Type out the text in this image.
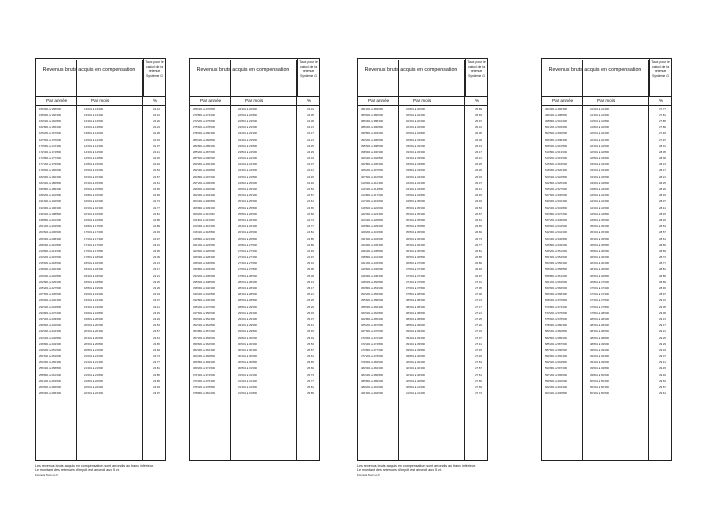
Revenus bruts acquis en compensation
Taux pour le calcul de la retenue Système G
Par année	Par mois	%
156'001 à 158'000	13'001 à 13'200	22.12
158'001 à 160'400	13'201 à 13'400	22.16
160'401 à 162'800	13'401 à 13'600	22.20
162'801 à 165'200	13'601 à 13'800	22.24
165'201 à 167'600	13'801 à 14'000	22.28
167'601 à 170'000	14'001 à 14'200	22.33
170'001 à 172'400	14'201 à 14'400	22.37
172'401 à 174'800	14'401 à 14'600	22.41
174'801 à 177'200	14'601 à 14'800	22.45
177'201 à 179'600	14'801 à 15'000	22.49
179'601 à 182'000	15'001 à 15'200	22.53
182'001 à 184'400	15'201 à 15'400	22.57
184'401 à 186'800	15'401 à 15'600	22.61
186'801 à 189'200	15'601 à 15'800	22.65
189'201 à 191'600	15'801 à 16'000	22.69
191'601 à 194'000	16'001 à 16'200	22.73
194'001 à 196'400	16'201 à 16'400	22.77
196'401 à 198'800	16'401 à 16'600	22.81
198'801 à 201'200	16'601 à 16'800	22.85
201'201 à 203'600	16'801 à 17'000	22.89
203'601 à 206'000	17'001 à 17'200	22.93
206'001 à 208'400	17'201 à 17'400	22.97
208'401 à 210'800	17'401 à 17'600	23.01
210'801 à 213'200	17'601 à 17'800	23.05
213'201 à 215'600	17'801 à 18'000	23.09
215'601 à 218'000	18'001 à 18'200	23.13
218'001 à 220'400	18'201 à 18'400	23.17
220'401 à 222'800	18'401 à 18'600	23.21
222'801 à 225'200	18'601 à 18'800	23.25
225'201 à 227'600	18'801 à 19'000	23.29
227'601 à 230'000	19'001 à 19'200	23.33
230'001 à 232'400	19'201 à 19'400	23.37
232'401 à 234'800	19'401 à 19'600	23.41
234'801 à 237'200	19'601 à 19'800	23.45
237'201 à 239'600	19'801 à 20'000	23.49
239'601 à 242'000	20'001 à 20'200	23.53
242'001 à 244'400	20'201 à 20'400	23.57
244'401 à 246'800	20'401 à 20'600	23.61
246'801 à 249'200	20'601 à 20'800	23.65
249'201 à 251'600	20'801 à 21'000	23.69
251'601 à 254'000	21'001 à 21'200	23.73
254'001 à 256'400	21'201 à 21'400	23.77
256'401 à 258'800	21'401 à 21'600	23.81
258'801 à 261'200	21'601 à 21'800	23.85
261'201 à 263'600	21'801 à 22'000	23.89
263'601 à 266'000	22'001 à 22'200	23.93
266'001 à 268'400	22'201 à 22'400	23.97
Revenus bruts acquis en compensation
Taux pour le calcul de la retenue Système G
Par année	Par mois	%
268'401 à 270'800	22'401 à 22'600	24.01
270'801 à 273'200	22'601 à 22'800	24.05
273'201 à 275'600	22'801 à 23'000	24.09
275'601 à 278'000	23'001 à 23'200	24.13
278'001 à 280'400	23'201 à 23'400	24.17
280'401 à 282'800	23'401 à 23'600	24.21
282'801 à 285'200	23'601 à 23'800	24.25
285'201 à 287'600	23'801 à 24'000	24.29
287'601 à 290'000	24'001 à 24'200	24.33
290'001 à 292'400	24'201 à 24'400	24.37
292'401 à 294'800	24'401 à 24'600	24.41
294'801 à 297'200	24'601 à 24'800	24.45
297'201 à 299'600	24'801 à 25'000	24.49
299'601 à 302'000	25'001 à 25'200	24.53
302'001 à 304'400	25'201 à 25'400	24.57
304'401 à 306'800	25'401 à 25'600	24.61
306'801 à 309'200	25'601 à 25'800	24.65
309'201 à 311'600	25'801 à 26'000	24.69
311'601 à 314'000	26'001 à 26'200	24.73
314'001 à 316'400	26'201 à 26'400	24.77
316'401 à 318'800	26'401 à 26'600	24.81
318'801 à 321'200	26'601 à 26'800	24.85
321'201 à 323'600	26'801 à 27'000	24.89
323'601 à 326'000	27'001 à 27'200	24.93
326'001 à 328'400	27'201 à 27'400	24.97
328'401 à 330'800	27'401 à 27'600	25.01
330'801 à 333'200	27'601 à 27'800	25.05
333'201 à 335'600	27'801 à 28'000	25.09
335'601 à 338'000	28'001 à 28'200	25.13
338'001 à 340'400	28'201 à 28'400	25.17
340'401 à 342'800	28'401 à 28'600	25.21
342'801 à 345'200	28'601 à 28'800	25.25
345'201 à 347'600	28'801 à 29'000	25.29
347'601 à 350'000	29'001 à 29'200	25.33
350'001 à 352'400	29'201 à 29'400	25.37
352'401 à 354'800	29'401 à 29'600	25.41
354'801 à 357'200	29'601 à 29'800	25.45
357'201 à 359'600	29'801 à 30'000	25.49
359'601 à 362'000	30'001 à 30'200	25.53
362'001 à 364'400	30'201 à 30'400	25.57
364'401 à 366'800	30'401 à 30'600	25.61
366'801 à 369'200	30'601 à 30'800	25.65
369'201 à 371'600	30'801 à 31'000	25.69
371'601 à 374'000	31'001 à 31'200	25.73
374'001 à 376'400	31'201 à 31'400	25.77
376'401 à 378'800	31'401 à 31'600	25.81
378'801 à 381'200	31'601 à 31'800	25.85
Revenus bruts acquis en compensation
Taux pour le calcul de la retenue Système G
Par année	Par mois	%
381'201 à 383'600	31'801 à 32'000	25.89
383'601 à 386'000	32'001 à 32'200	25.93
386'001 à 388'400	32'201 à 32'400	25.97
388'401 à 390'800	32'401 à 32'600	26.01
390'801 à 393'200	32'601 à 32'800	26.05
393'201 à 395'600	32'801 à 33'000	26.09
395'601 à 398'000	33'001 à 33'200	26.13
398'001 à 400'400	33'201 à 33'400	26.17
400'401 à 402'800	33'401 à 33'600	26.21
402'801 à 405'200	33'601 à 33'800	26.25
405'201 à 407'600	33'801 à 34'000	26.29
407'601 à 410'000	34'001 à 34'200	26.33
410'001 à 412'400	34'201 à 34'400	26.37
412'401 à 414'800	34'401 à 34'600	26.41
414'801 à 417'200	34'601 à 34'800	26.45
417'201 à 419'600	34'801 à 35'000	26.49
419'601 à 422'000	35'001 à 35'200	26.53
422'001 à 424'400	35'201 à 35'400	26.57
424'401 à 426'800	35'401 à 35'600	26.61
426'801 à 429'200	35'601 à 35'800	26.65
429'201 à 431'600	35'801 à 36'000	26.69
431'601 à 434'000	36'001 à 36'200	26.73
434'001 à 436'400	36'201 à 36'400	26.77
436'401 à 438'800	36'401 à 36'600	26.81
438'801 à 441'200	36'601 à 36'800	26.85
441'201 à 443'600	36'801 à 37'000	26.89
443'601 à 446'000	37'001 à 37'200	26.93
446'001 à 448'400	37'201 à 37'400	26.97
448'401 à 450'800	37'401 à 37'600	27.01
450'801 à 453'200	37'601 à 37'800	27.05
453'201 à 455'600	37'801 à 38'000	27.09
455'601 à 458'000	38'001 à 38'200	27.13
458'001 à 460'400	38'201 à 38'400	27.17
460'401 à 462'800	38'401 à 38'600	27.21
462'801 à 465'200	38'601 à 38'800	27.25
465'201 à 467'600	38'801 à 39'000	27.29
467'601 à 470'000	39'001 à 39'200	27.33
470'001 à 472'400	39'201 à 39'400	27.37
472'401 à 474'800	39'401 à 39'600	27.41
474'801 à 477'200	39'601 à 39'800	27.45
477'201 à 479'600	39'801 à 40'000	27.49
479'601 à 482'000	40'001 à 40'200	27.53
482'001 à 484'400	40'201 à 40'400	27.57
484'401 à 486'800	40'401 à 40'600	27.61
486'801 à 489'200	40'601 à 40'800	27.65
489'201 à 491'600	40'801 à 41'000	27.69
491'601 à 494'000	41'001 à 41'200	27.73
Revenus bruts acquis en compensation
Taux pour le calcul de la retenue Système G
Par année	Par mois	%
494'001 à 496'400	41'201 à 41'400	27.77
496'401 à 498'800	41'401 à 41'600	27.81
498'801 à 501'200	41'601 à 41'800	27.85
501'201 à 503'600	41'801 à 42'000	27.89
503'601 à 506'000	42'001 à 42'200	27.93
506'001 à 508'400	42'201 à 42'400	27.97
508'401 à 510'800	42'401 à 42'600	28.01
510'801 à 513'200	42'601 à 42'800	28.05
513'201 à 515'600	42'801 à 43'000	28.09
515'601 à 518'000	43'001 à 43'200	28.13
518'001 à 520'400	43'201 à 43'400	28.17
520'401 à 522'800	43'401 à 43'600	28.21
522'801 à 525'200	43'601 à 43'800	28.25
525'201 à 527'600	43'801 à 44'000	28.29
527'601 à 530'000	44'001 à 44'200	28.33
530'001 à 532'400	44'201 à 44'400	28.37
532'401 à 534'800	44'401 à 44'600	28.41
534'801 à 537'200	44'601 à 44'800	28.45
537'201 à 539'600	44'801 à 45'000	28.49
539'601 à 542'000	45'001 à 45'200	28.53
542'001 à 544'400	45'201 à 45'400	28.57
544'401 à 546'800	45'401 à 45'600	28.61
546'801 à 549'200	45'601 à 45'800	28.65
549'201 à 551'600	45'801 à 46'000	28.69
551'601 à 554'000	46'001 à 46'200	28.73
554'001 à 556'400	46'201 à 46'400	28.77
556'401 à 558'800	46'401 à 46'600	28.81
558'801 à 561'200	46'601 à 46'800	28.85
561'201 à 563'600	46'801 à 47'000	28.89
563'601 à 566'000	47'001 à 47'200	28.93
566'001 à 568'400	47'201 à 47'400	28.97
568'401 à 570'800	47'401 à 47'600	29.01
570'801 à 573'200	47'601 à 47'800	29.05
573'201 à 575'600	47'801 à 48'000	29.09
575'601 à 578'000	48'001 à 48'200	29.13
578'001 à 580'400	48'201 à 48'400	29.17
580'401 à 582'800	48'401 à 48'600	29.21
582'801 à 585'200	48'601 à 48'800	29.25
585'201 à 587'600	48'801 à 49'000	29.29
587'601 à 590'000	49'001 à 49'200	29.33
590'001 à 592'400	49'201 à 49'400	29.37
592'401 à 594'800	49'401 à 49'600	29.41
594'801 à 597'200	49'601 à 49'800	29.45
597'201 à 599'600	49'801 à 50'000	29.49
599'601 à 602'000	50'001 à 50'200	29.53
602'001 à 604'400	50'201 à 50'400	29.57
604'401 à 606'800	50'401 à 50'600	29.61
Les revenus bruts acquis en compensation sont arrondis au franc inférieur.
Le montant des retenues d'impôt est arrondi aux 5 ct.
Formule 5xxx.xx.fr
Les revenus bruts acquis en compensation sont arrondis au franc inférieur.
Le montant des retenues d'impôt est arrondi aux 5 ct.
Formule 5xxx.xx.fr
